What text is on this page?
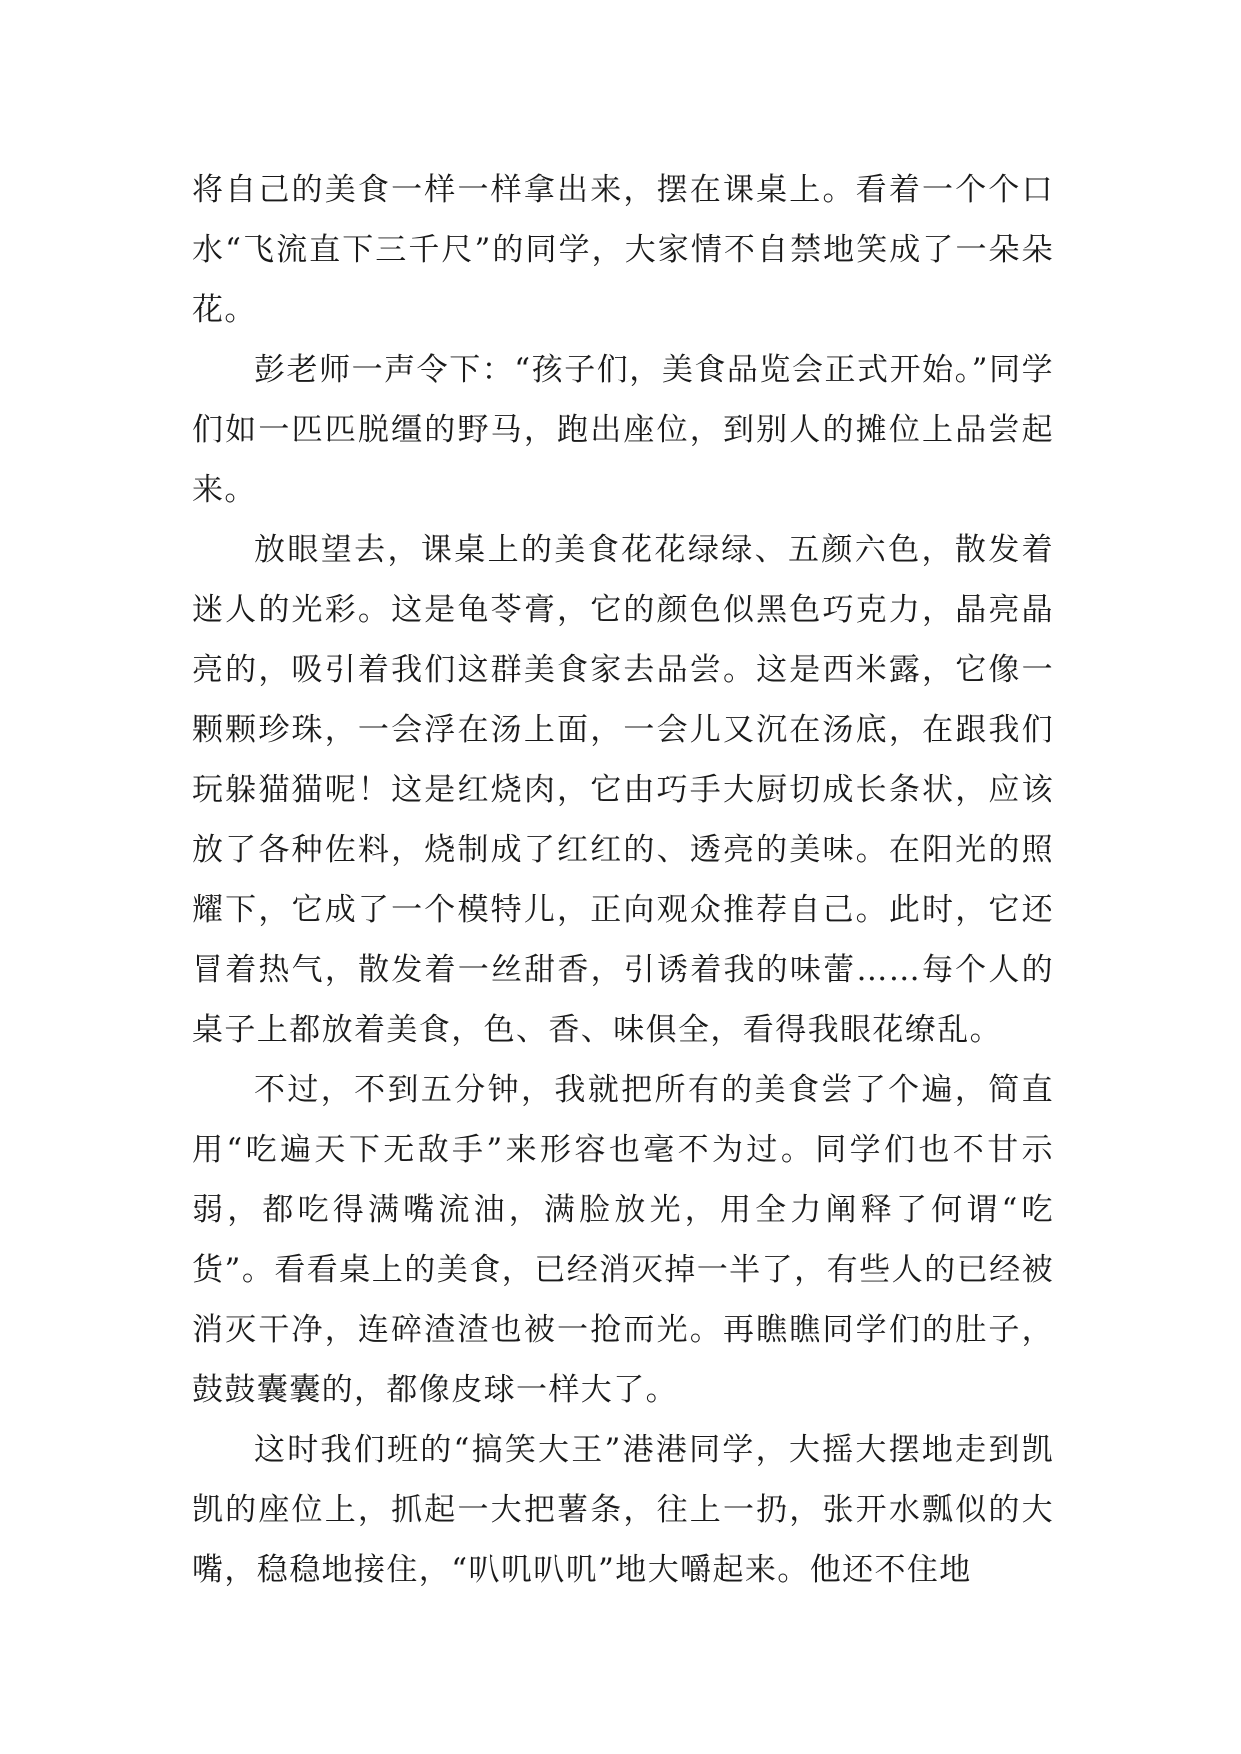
将自己的美食一样一样拿出来，摆在课桌上。看着一个个口水“飞流直下三千尺”的同学，大家情不自禁地笑成了一朵朵花。

彭老师一声令下：“孩子们，美食品览会正式开始。”同学们如一匹匹脱缰的野马，跑出座位，到别人的摊位上品尝起来。

放眼望去，课桌上的美食花花绿绿、五颜六色，散发着迷人的光彩。这是龟苓膏，它的颜色似黑色巧克力，晶亮晶亮的，吸引着我们这群美食家去品尝。这是西米露，它像一颗颗珍珠，一会浮在汤上面，一会儿又沉在汤底，在跟我们玩躲猫猫呢！这是红烧肉，它由巧手大厨切成长条状，应该放了各种佐料，烧制成了红红的、透亮的美味。在阳光的照耀下，它成了一个模特儿，正向观众推荐自己。此时，它还冒着热气，散发着一丝甜香，引诱着我的味蕾……每个人的桌子上都放着美食，色、香、味俱全，看得我眼花缭乱。

不过，不到五分钟，我就把所有的美食尝了个遍，简直用“吃遍天下无敌手”来形容也毫不为过。同学们也不甘示弱，都吃得满嘴流油，满脸放光，用全力阐释了何谓“吃货”。看看桌上的美食，已经消灭掉一半了，有些人的已经被消灭干净，连碎渣渣也被一抢而光。再瞧瞧同学们的肚子，鼓鼓囊囊的，都像皮球一样大了。

这时我们班的“搞笑大王”港港同学，大摇大摆地走到凯凯的座位上，抓起一大把薯条，往上一扔，张开水瓢似的大嘴，稳稳地接住，“叭叽叭叽”地大嚼起来。他还不住地
